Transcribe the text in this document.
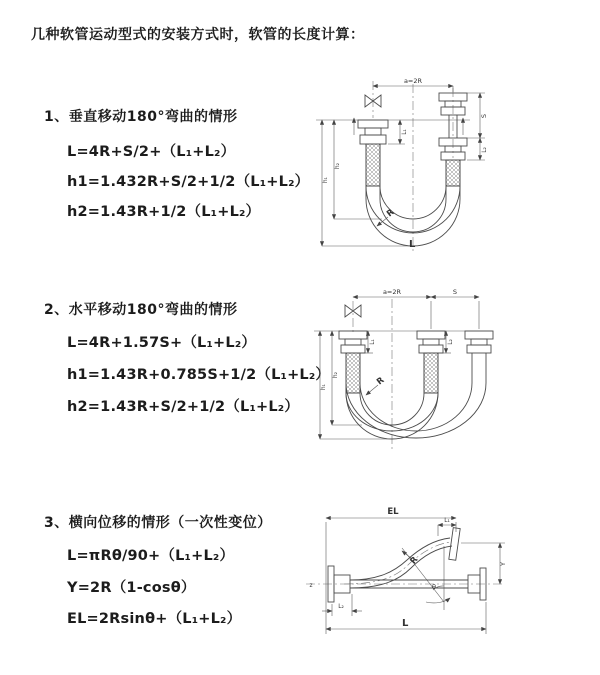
几种软管运动型式的安装方式时，软管的长度计算：
1、垂直移动180°弯曲的情形
L=4R+S/2+（L₁+L₂）
h1=1.432R+S/2+1/2（L₁+L₂）
h2=1.43R+1/2（L₁+L₂）
2、水平移动180°弯曲的情形
L=4R+1.57S+（L₁+L₂）
h1=1.43R+0.785S+1/2（L₁+L₂）
h2=1.43R+S/2+1/2（L₁+L₂）
3、横向位移的情形（一次性变位）
L=πRθ/90+（L₁+L₂）
Y=2R（1-cosθ）
EL=2Rsinθ+（L₁+L₂）
a=2R
L₁
S
L₂
h₂
h₁
R
L
a=2R	S
L₁	L₂
h₂
h₁	R
EL
L₁
Y
R
θ
L
L₂
z
